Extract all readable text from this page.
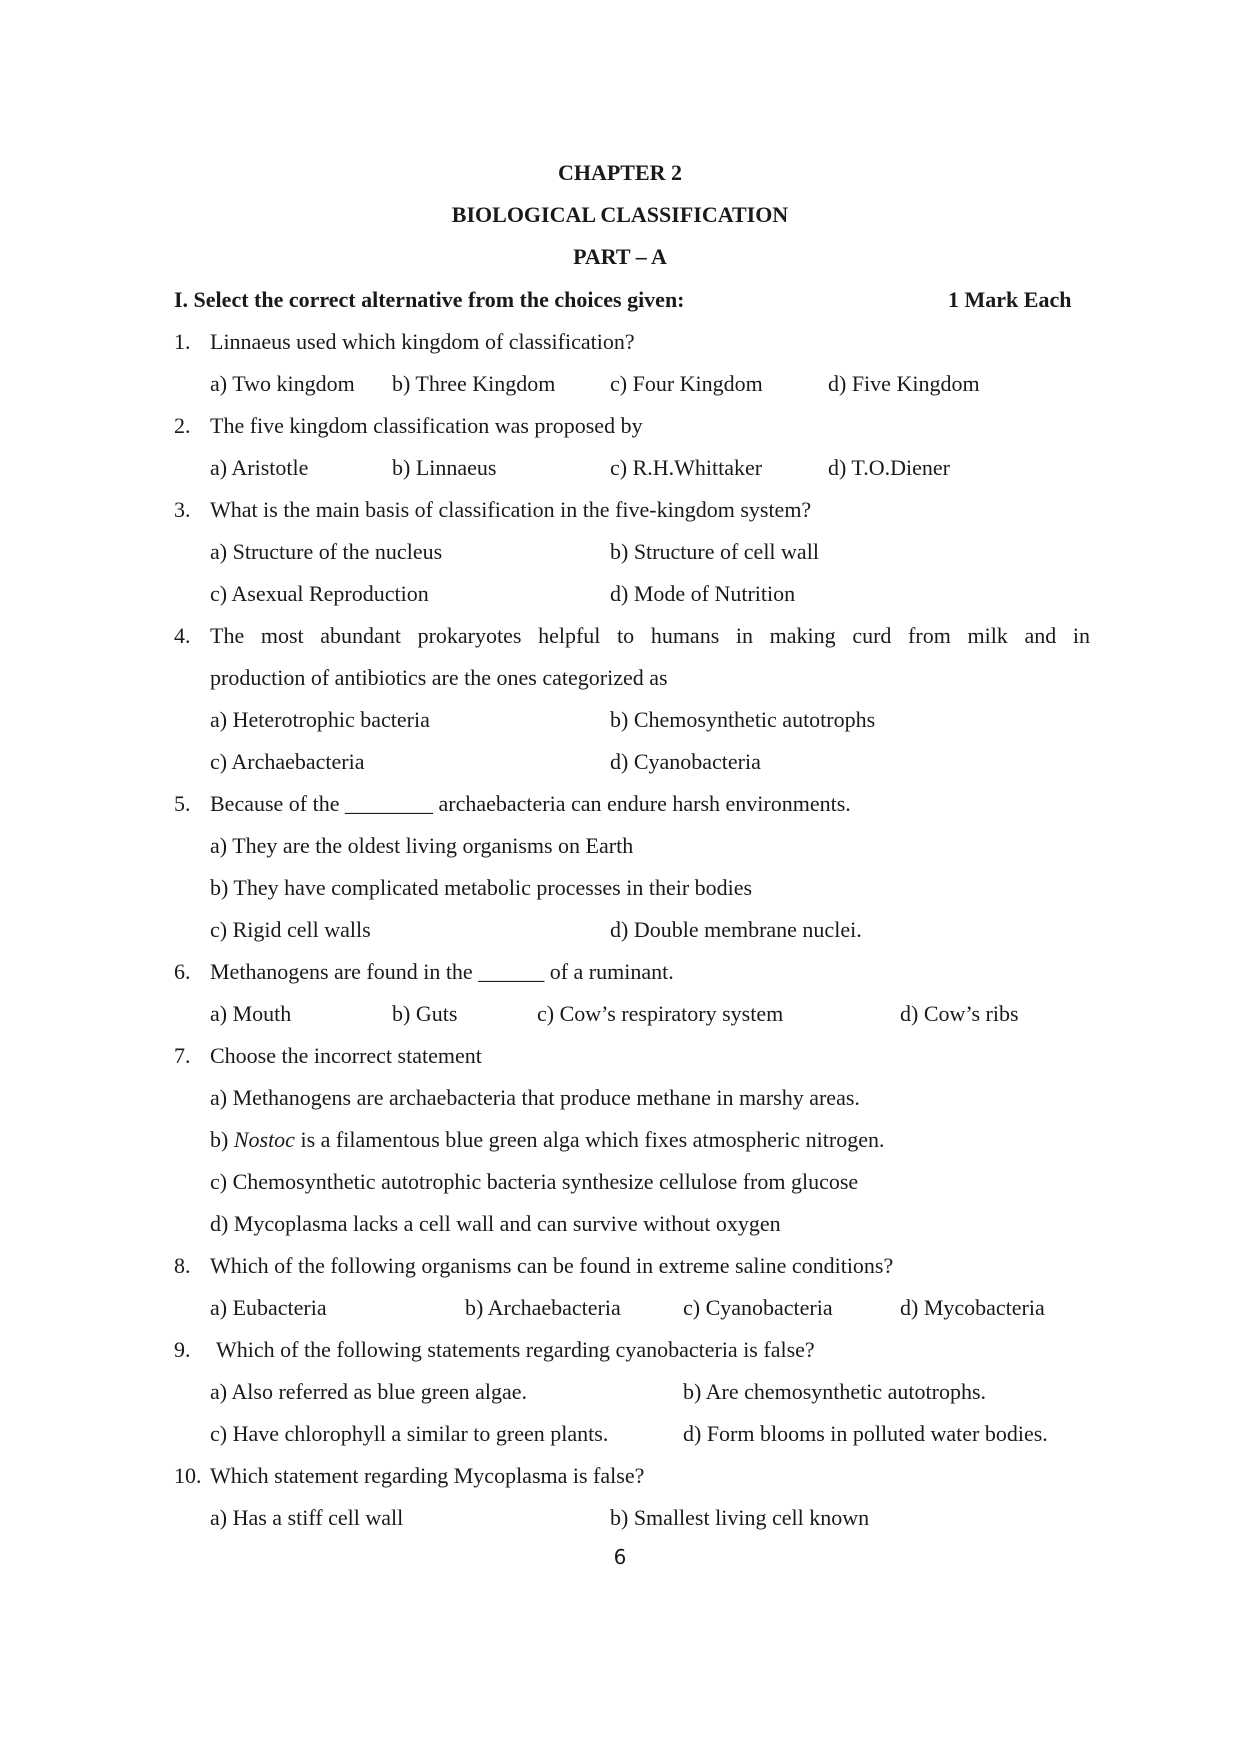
CHAPTER 2
BIOLOGICAL CLASSIFICATION
PART – A
I. Select the correct alternative from the choices given:	1 Mark Each
1. Linnaeus used which kingdom of classification?
a) Two kingdom b) Three Kingdom c) Four Kingdom	d) Five Kingdom
2. The five kingdom classification was proposed by
a) Aristotle	b) Linnaeus	c) R.H.Whittaker	d) T.O.Diener
3. What is the main basis of classification in the five-kingdom system?
a) Structure of the nucleus	b) Structure of cell wall
c) Asexual Reproduction	d) Mode of Nutrition
4. The most abundant prokaryotes helpful to humans in making curd from milk and in
production of antibiotics are the ones categorized as
a) Heterotrophic bacteria	b) Chemosynthetic autotrophs
c) Archaebacteria	d) Cyanobacteria
5. Because of the ________ archaebacteria can endure harsh environments.
a) They are the oldest living organisms on Earth
b) They have complicated metabolic processes in their bodies
c) Rigid cell walls	d) Double membrane nuclei.
6. Methanogens are found in the ______ of a ruminant.
a) Mouth	b) Guts	c) Cow’s respiratory system	d) Cow’s ribs
7. Choose the incorrect statement
a) Methanogens are archaebacteria that produce methane in marshy areas.
b) Nostoc is a filamentous blue green alga which fixes atmospheric nitrogen.
c) Chemosynthetic autotrophic bacteria synthesize cellulose from glucose
d) Mycoplasma lacks a cell wall and can survive without oxygen
8. Which of the following organisms can be found in extreme saline conditions?
a) Eubacteria	b) Archaebacteria	c) Cyanobacteria	d) Mycobacteria
9. Which of the following statements regarding cyanobacteria is false?
a) Also referred as blue green algae.	b) Are chemosynthetic autotrophs.
c) Have chlorophyll a similar to green plants.	d) Form blooms in polluted water bodies.
10. Which statement regarding Mycoplasma is false?
a) Has a stiff cell wall	b) Smallest living cell known
6
